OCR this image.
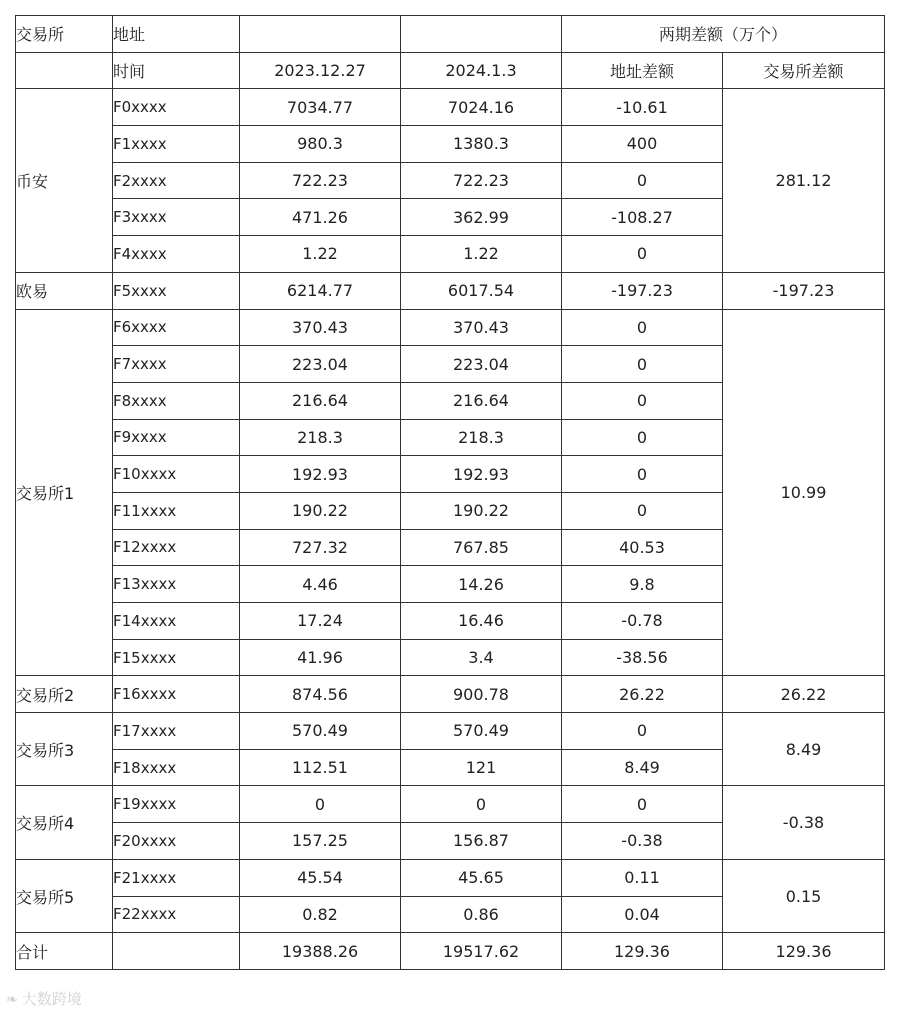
交易所	地址			两期差额（万个）	
	时间	2023.12.27	2024.1.3	地址差额	交易所差额
币安	F0xxxx	7034.77	7024.16	-10.61	281.12
	F1xxxx	980.3	1380.3	400	
	F2xxxx	722.23	722.23	0	
	F3xxxx	471.26	362.99	-108.27	
	F4xxxx	1.22	1.22	0	
欧易	F5xxxx	6214.77	6017.54	-197.23	-197.23
交易所1	F6xxxx	370.43	370.43	0	10.99
	F7xxxx	223.04	223.04	0	
	F8xxxx	216.64	216.64	0	
	F9xxxx	218.3	218.3	0	
	F10xxxx	192.93	192.93	0	
	F11xxxx	190.22	190.22	0	
	F12xxxx	727.32	767.85	40.53	
	F13xxxx	4.46	14.26	9.8	
	F14xxxx	17.24	16.46	-0.78	
	F15xxxx	41.96	3.4	-38.56	
交易所2	F16xxxx	874.56	900.78	26.22	26.22
交易所3	F17xxxx	570.49	570.49	0	8.49
	F18xxxx	112.51	121	8.49	
交易所4	F19xxxx	0	0	0	-0.38
	F20xxxx	157.25	156.87	-0.38	
交易所5	F21xxxx	45.54	45.65	0.11	0.15
	F22xxxx	0.82	0.86	0.04	
合计		19388.26	19517.62	129.36	129.36
❧ 大数跨境
